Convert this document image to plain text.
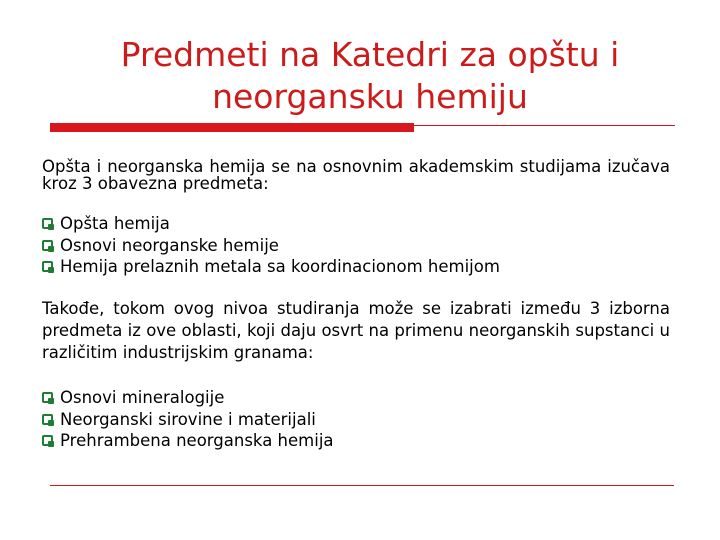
Predmeti na Katedri za opštu i
neorgansku hemiju

Opšta i neorganska hemija se na osnovnim akademskim studijama izučava kroz 3 obavezna predmeta:

Opšta hemija
Osnovi neorganske hemije
Hemija prelaznih metala sa koordinacionom hemijom

Takođe, tokom ovog nivoa studiranja može se izabrati između 3 izborna predmeta iz ove oblasti, koji daju osvrt na primenu neorganskih supstanci u različitim industrijskim granama:

Osnovi mineralogije
Neorganski sirovine i materijali
Prehrambena neorganska hemija
